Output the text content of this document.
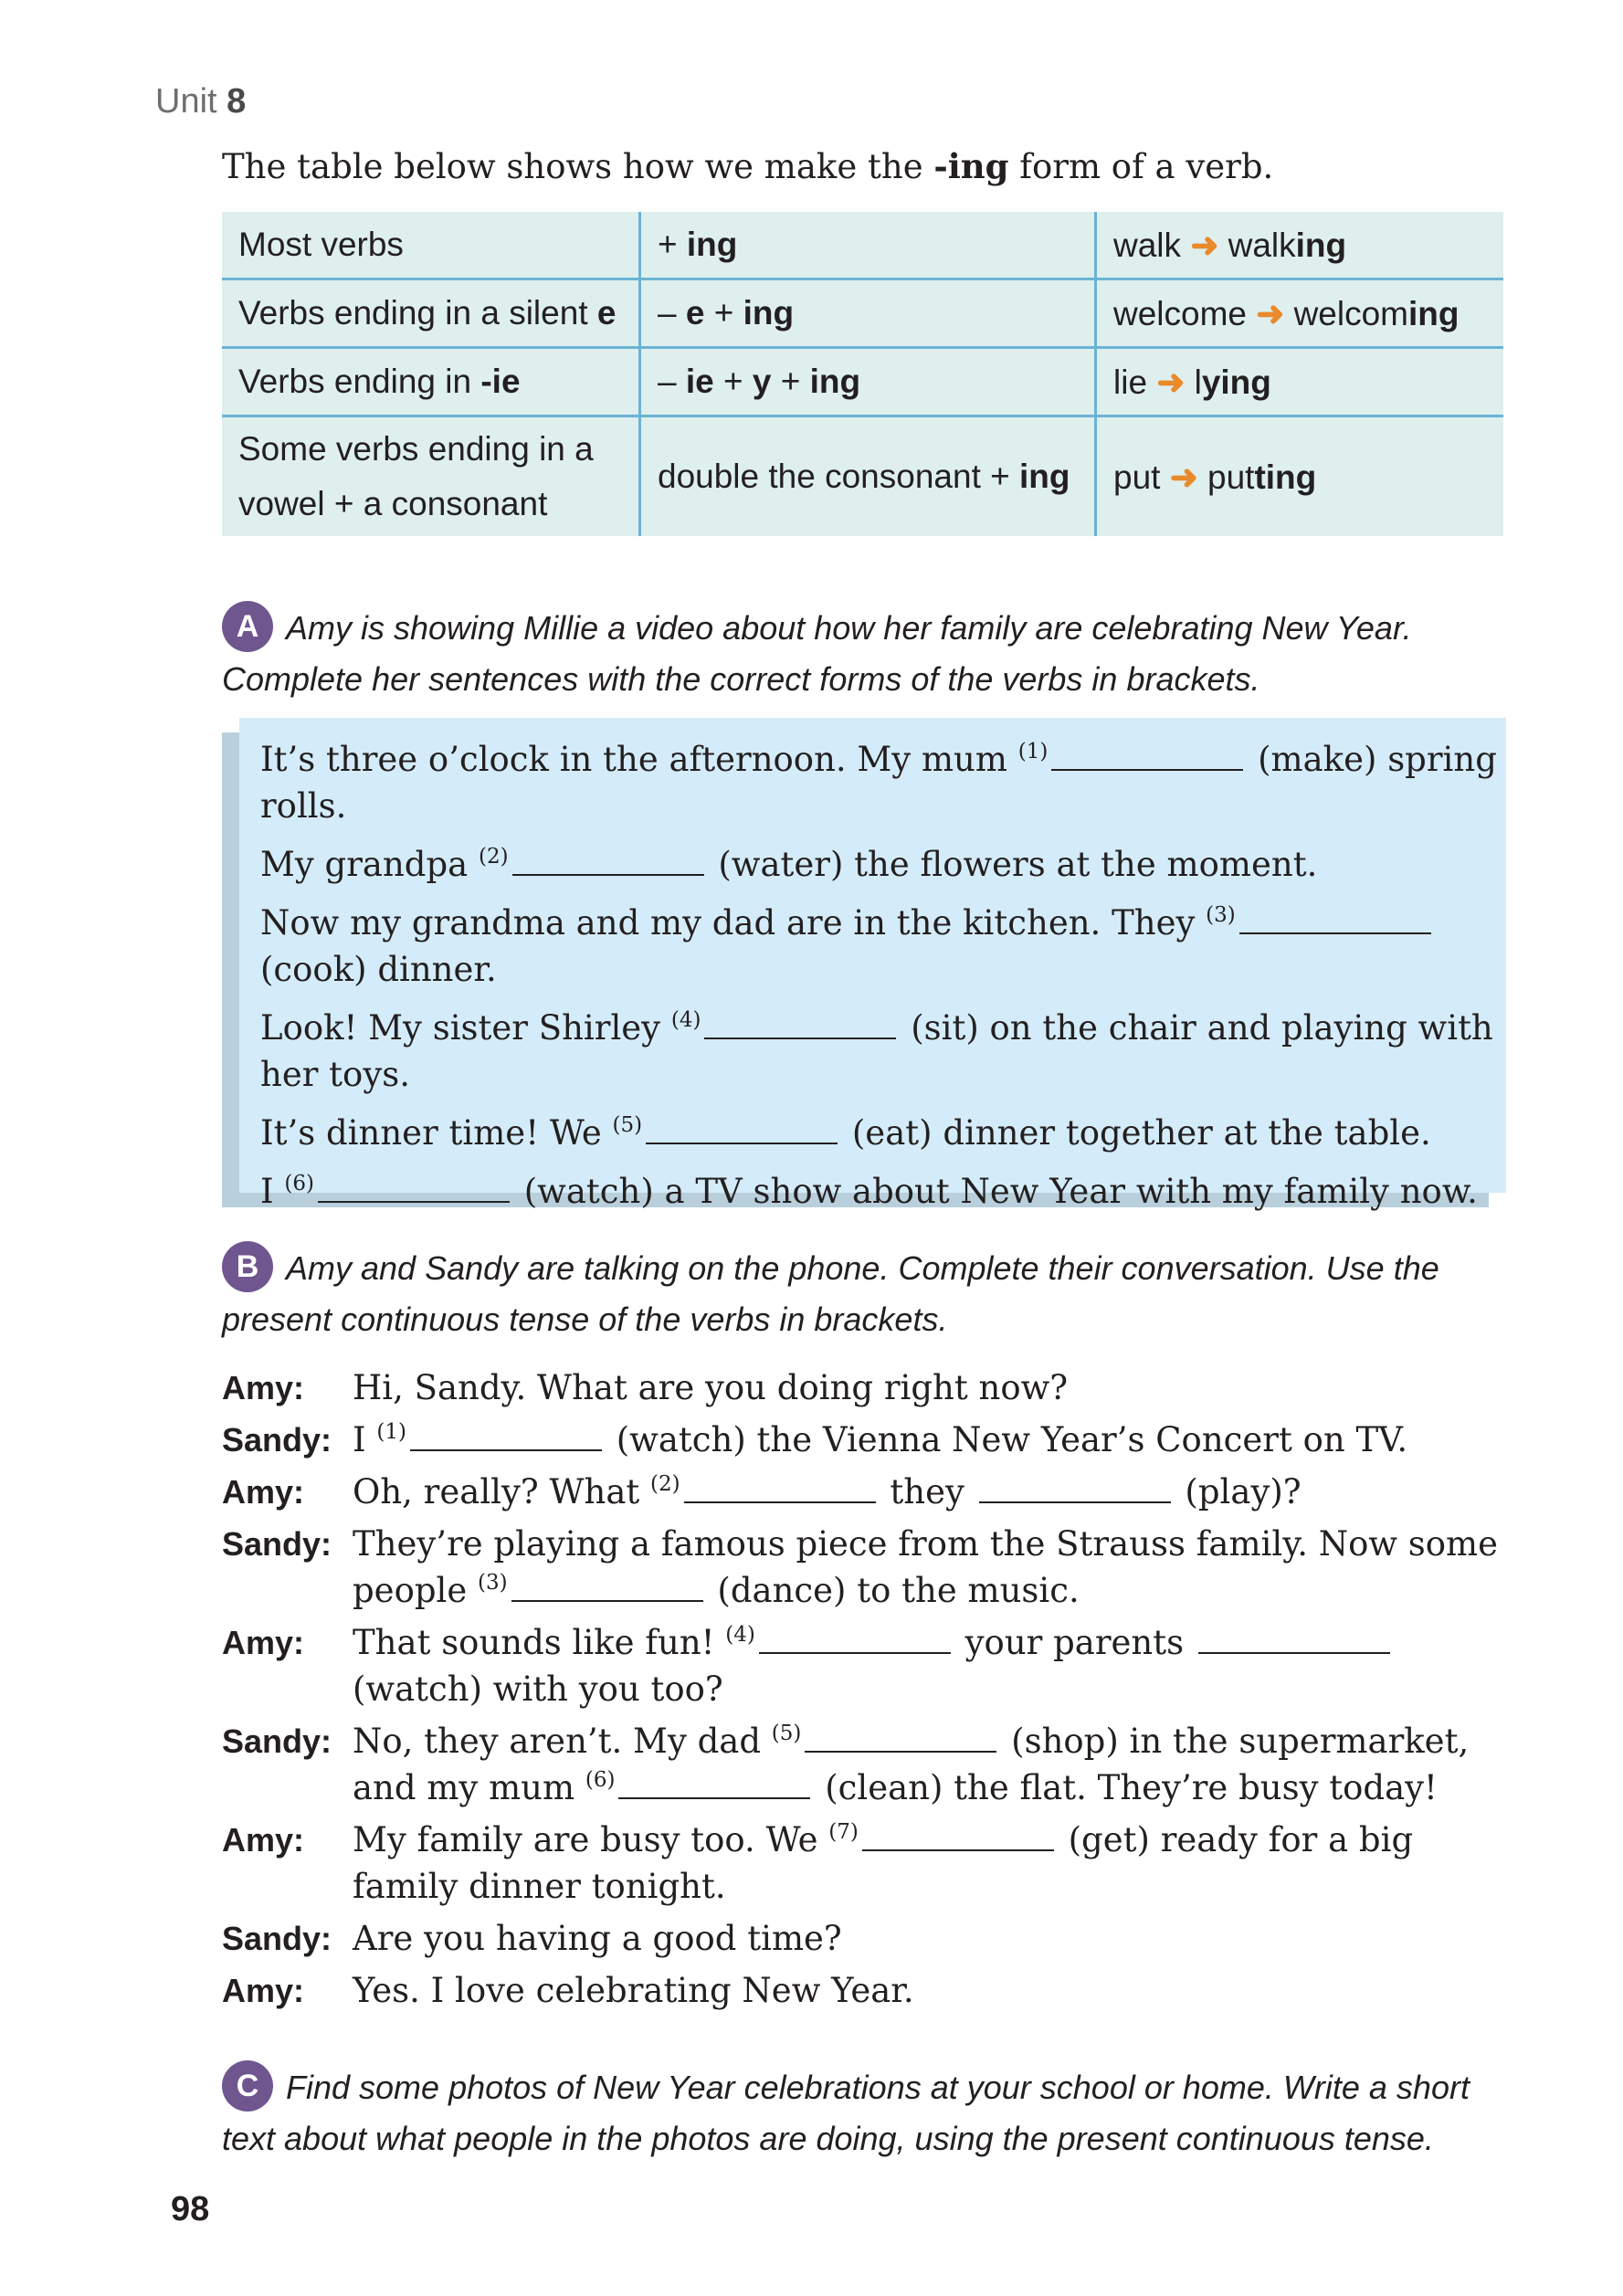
Unit 8
The table below shows how we make the -ing form of a verb.
Most verbs	+ ing	walk ➜ walking
Verbs ending in a silent e	– e + ing	welcome ➜ welcoming
Verbs ending in -ie	– ie + y + ing	lie ➜ lying
Some verbs ending in a vowel + a consonant	double the consonant + ing	put ➜ putting
A Amy is showing Millie a video about how her family are celebrating New Year. Complete her sentences with the correct forms of the verbs in brackets.
It’s three o’clock in the afternoon. My mum $^{(1)}$	(make) spring rolls.
My grandpa $^{(2)}$	(water) the flowers at the moment.
Now my grandma and my dad are in the kitchen. They $^{(3)}$ (cook) dinner.
Look! My sister Shirley $^{(4)}$	(sit) on the chair and playing with her toys.
It’s dinner time! We $^{(5)}$	(eat) dinner together at the table.
I $^{(6)}$	(watch) a TV show about New Year with my family now.
B Amy and Sandy are talking on the phone. Complete their conversation. Use the present continuous tense of the verbs in brackets.
Amy:	Hi, Sandy. What are you doing right now?
Sandy: I $^{(1)}$	(watch) the Vienna New Year’s Concert on TV.
Amy:	Oh, really? What $^{(2)}$	they	(play)?
Sandy: They’re playing a famous piece from the Strauss family. Now some people $^{(3)}$	(dance) to the music.
Amy:	That sounds like fun! $^{(4)}$	your parents  (watch) with you too?
Sandy: No, they aren’t. My dad $^{(5)}$	(shop) in the supermarket, and my mum $^{(6)}$	(clean) the flat. They’re busy today!
Amy:	My family are busy too. We $^{(7)}$	(get) ready for a big family dinner tonight.
Sandy: Are you having a good time?
Amy:	Yes. I love celebrating New Year.
C Find some photos of New Year celebrations at your school or home. Write a short text about what people in the photos are doing, using the present continuous tense.
98
